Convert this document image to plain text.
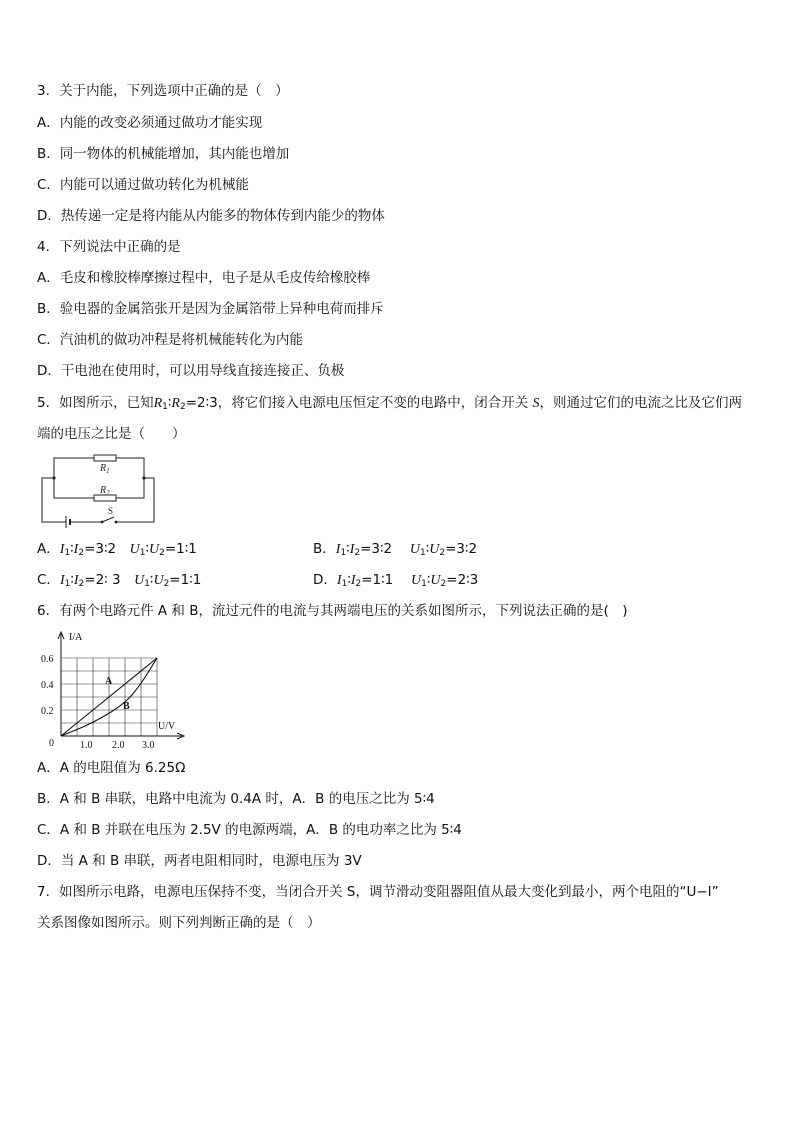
3．关于内能，下列选项中正确的是（　）
A．内能的改变必须通过做功才能实现
B．同一物体的机械能增加，其内能也增加
C．内能可以通过做功转化为机械能
D．热传递一定是将内能从内能多的物体传到内能少的物体
4．下列说法中正确的是
A．毛皮和橡胶棒摩擦过程中，电子是从毛皮传给橡胶棒
B．验电器的金属箔张开是因为金属箔带上异种电荷而排斥
C．汽油机的做功冲程是将机械能转化为内能
D．干电池在使用时，可以用导线直接连接正、负极
5．如图所示，已知$R_1∶R_2=2∶3$，将它们接入电源电压恒定不变的电路中，闭合开关 S，则通过它们的电流之比及它们两
端的电压之比是（　　）
$R_1$
$R_2$
S
A．$I_1∶I_2=3∶2$　$U_1∶U_2=1∶1$	B．$I_1∶I_2=3∶2$　 $U_1∶U_2=3∶2$
C．$I_1∶I_2=2∶$ 3　$U_1∶U_2=1∶1$	D．$I_1∶I_2=1∶1$　 $U_1∶U_2=2∶3$
6．有两个电路元件 A 和 B，流过元件的电流与其两端电压的关系如图所示，下列说法正确的是(　)
I/A
U/V
0
0.2
0.4
0.6
1.0 2.0 3.0
A
B
A．A 的电阻值为 6.25Ω
B．A 和 B 串联，电路中电流为 0.4A 时，A．B 的电压之比为 5∶4
C．A 和 B 并联在电压为 2.5V 的电源两端，A．B 的电功率之比为 5∶4
D．当 A 和 B 串联，两者电阻相同时，电源电压为 3V
7．如图所示电路，电源电压保持不变，当闭合开关 S，调节滑动变阻器阻值从最大变化到最小，两个电阻的“U−I”
关系图像如图所示。则下列判断正确的是（　）
